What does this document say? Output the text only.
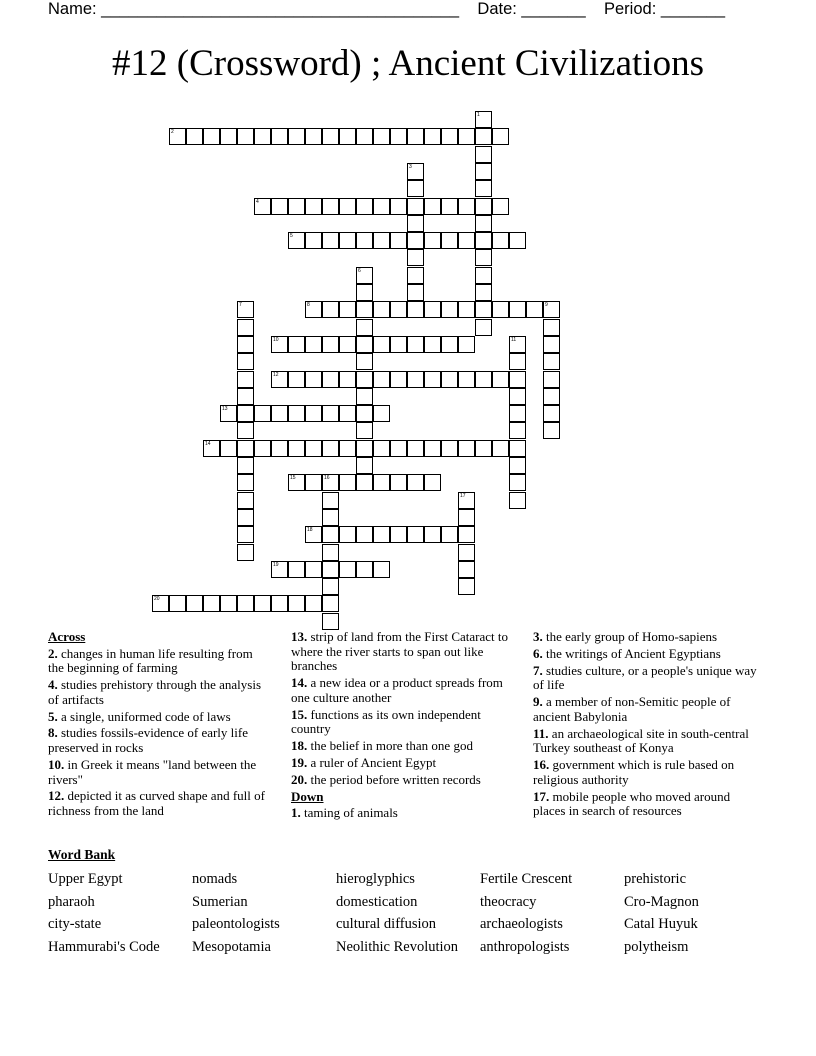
Name: _______________________________________    Date: _______    Period: _______
#12 (Crossword) ; Ancient Civilizations
1
2
3
4
5
6
7	8	9
10	11
12
13
14
15	16
17
18
19
20
Across
2. changes in human life resulting from the beginning of farming
4. studies prehistory through the analysis of artifacts
5. a single, uniformed code of laws
8. studies fossils-evidence of early life preserved in rocks
10. in Greek it means "land between the rivers"
12. depicted it as curved shape and full of richness from the land
13. strip of land from the First Cataract to where the river starts to span out like branches
14. a new idea or a product spreads from one culture another
15. functions as its own independent country
18. the belief in more than one god
19. a ruler of Ancient Egypt
20. the period before written records
Down
1. taming of animals
3. the early group of Homo-sapiens
6. the writings of Ancient Egyptians
7. studies culture, or a people's unique way of life
9. a member of non-Semitic people of ancient Babylonia
11. an archaeological site in south-central Turkey southeast of Konya
16. government which is rule based on religious authority
17. mobile people who moved around places in search of resources
Word Bank
Upper Egypt
pharaoh
city-state
Hammurabi's Code
nomads
Sumerian
paleontologists
Mesopotamia
hieroglyphics
domestication
cultural diffusion
Neolithic Revolution
Fertile Crescent
theocracy
archaeologists
anthropologists
prehistoric
Cro-Magnon
Catal Huyuk
polytheism
